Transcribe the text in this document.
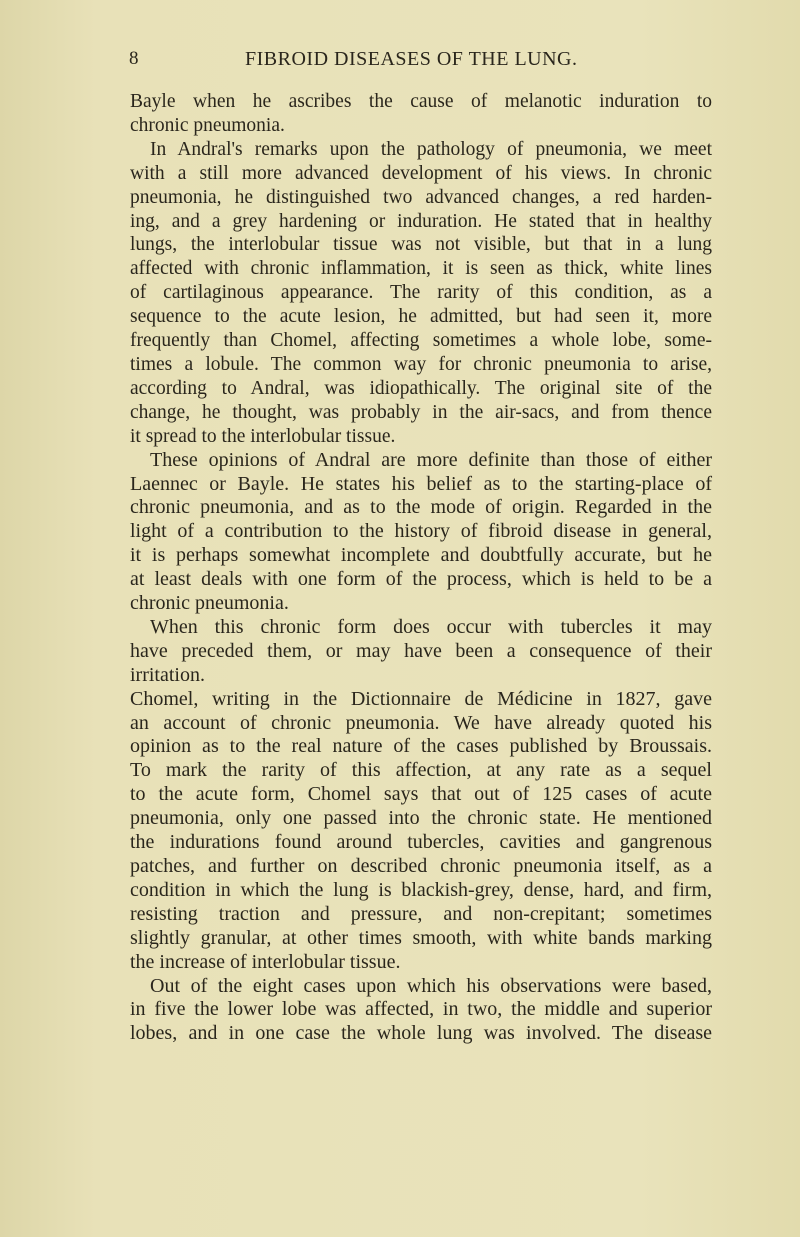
8	FIBROID DISEASES OF THE LUNG.
Bayle when he ascribes the cause of melanotic induration to
chronic pneumonia.
In Andral's remarks upon the pathology of pneumonia, we meet
with a still more advanced development of his views. In chronic
pneumonia, he distinguished two advanced changes, a red harden-
ing, and a grey hardening or induration. He stated that in healthy
lungs, the interlobular tissue was not visible, but that in a lung
affected with chronic inflammation, it is seen as thick, white lines
of cartilaginous appearance. The rarity of this condition, as a
sequence to the acute lesion, he admitted, but had seen it, more
frequently than Chomel, affecting sometimes a whole lobe, some-
times a lobule. The common way for chronic pneumonia to arise,
according to Andral, was idiopathically. The original site of the
change, he thought, was probably in the air-sacs, and from thence
it spread to the interlobular tissue.
These opinions of Andral are more definite than those of either
Laennec or Bayle. He states his belief as to the starting-place of
chronic pneumonia, and as to the mode of origin. Regarded in the
light of a contribution to the history of fibroid disease in general,
it is perhaps somewhat incomplete and doubtfully accurate, but he
at least deals with one form of the process, which is held to be a
chronic pneumonia.
When this chronic form does occur with tubercles it may
have preceded them, or may have been a consequence of their
irritation.
Chomel, writing in the Dictionnaire de Médicine in 1827, gave
an account of chronic pneumonia. We have already quoted his
opinion as to the real nature of the cases published by Broussais.
To mark the rarity of this affection, at any rate as a sequel
to the acute form, Chomel says that out of 125 cases of acute
pneumonia, only one passed into the chronic state. He mentioned
the indurations found around tubercles, cavities and gangrenous
patches, and further on described chronic pneumonia itself, as a
condition in which the lung is blackish-grey, dense, hard, and firm,
resisting traction and pressure, and non-crepitant; sometimes
slightly granular, at other times smooth, with white bands marking
the increase of interlobular tissue.
Out of the eight cases upon which his observations were based,
in five the lower lobe was affected, in two, the middle and superior
lobes, and in one case the whole lung was involved. The disease
